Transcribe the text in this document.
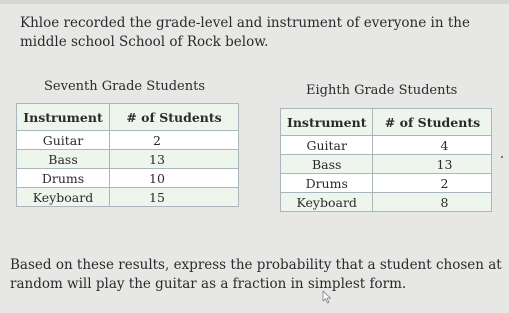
Khloe recorded the grade-level and instrument of everyone in the middle school School of Rock below.
Seventh Grade Students	Eighth Grade Students
Instrument	# of Students
Guitar	2
Bass	13
Drums	10
Keyboard	15
Instrument	# of Students
Guitar	4
Bass	13
Drums	2
Keyboard	8
Based on these results, express the probability that a student chosen at random will play the guitar as a fraction in simplest form.
